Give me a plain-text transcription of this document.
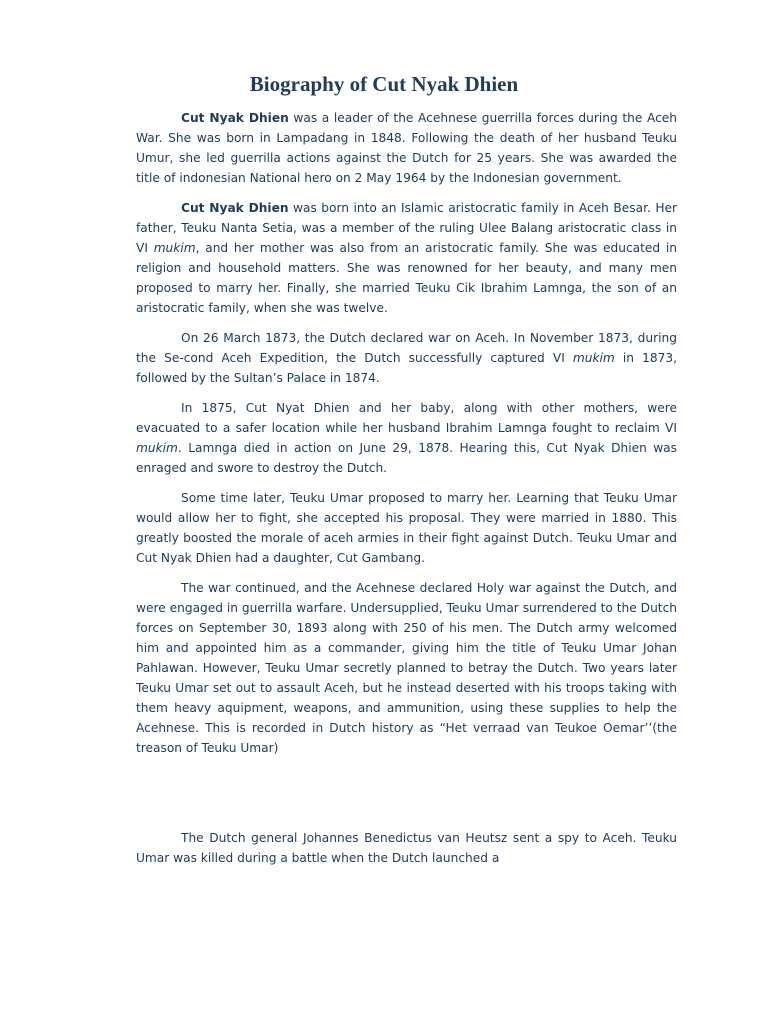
Biography of Cut Nyak Dhien

Cut Nyak Dhien was a leader of the Acehnese guerrilla forces during the Aceh War. She was born in Lampadang in 1848. Following the death of her husband Teuku Umur, she led guerrilla actions against the Dutch for 25 years. She was awarded the title of indonesian National hero on 2 May 1964 by the Indonesian government.

Cut Nyak Dhien was born into an Islamic aristocratic family in Aceh Besar. Her father, Teuku Nanta Setia, was a member of the ruling Ulee Balang aristocratic class in VI mukim, and her mother was also from an aristocratic family. She was educated in religion and household matters. She was renowned for her beauty, and many men proposed to marry her. Finally, she married Teuku Cik Ibrahim Lamnga, the son of an aristocratic family, when she was twelve.

On 26 March 1873, the Dutch declared war on Aceh. In November 1873, during the Se-cond Aceh Expedition, the Dutch successfully captured VI mukim in 1873, followed by the Sultan’s Palace in 1874.

In 1875, Cut Nyat Dhien and her baby, along with other mothers, were evacuated to a safer location while her husband Ibrahim Lamnga fought to reclaim VI mukim. Lamnga died in action on June 29, 1878. Hearing this, Cut Nyak Dhien was enraged and swore to destroy the Dutch.

Some time later, Teuku Umar proposed to marry her. Learning that Teuku Umar would allow her to fight, she accepted his proposal. They were married in 1880. This greatly boosted the morale of aceh armies in their fight against Dutch. Teuku Umar and Cut Nyak Dhien had a daughter, Cut Gambang.

The war continued, and the Acehnese declared Holy war against the Dutch, and were engaged in guerrilla warfare. Undersupplied, Teuku Umar surrendered to the Dutch forces on September 30, 1893 along with 250 of his men. The Dutch army welcomed him and appointed him as a commander, giving him the title of Teuku Umar Johan Pahlawan. However, Teuku Umar secretly planned to betray the Dutch. Two years later Teuku Umar set out to assault Aceh, but he instead deserted with his troops taking with them heavy aquipment, weapons, and ammunition, using these supplies to help the Acehnese. This is recorded in Dutch history as “Het verraad van Teukoe Oemar’’(the treason of Teuku Umar)

The Dutch general Johannes Benedictus van Heutsz sent a spy to Aceh. Teuku Umar was killed during a battle when the Dutch launched a
